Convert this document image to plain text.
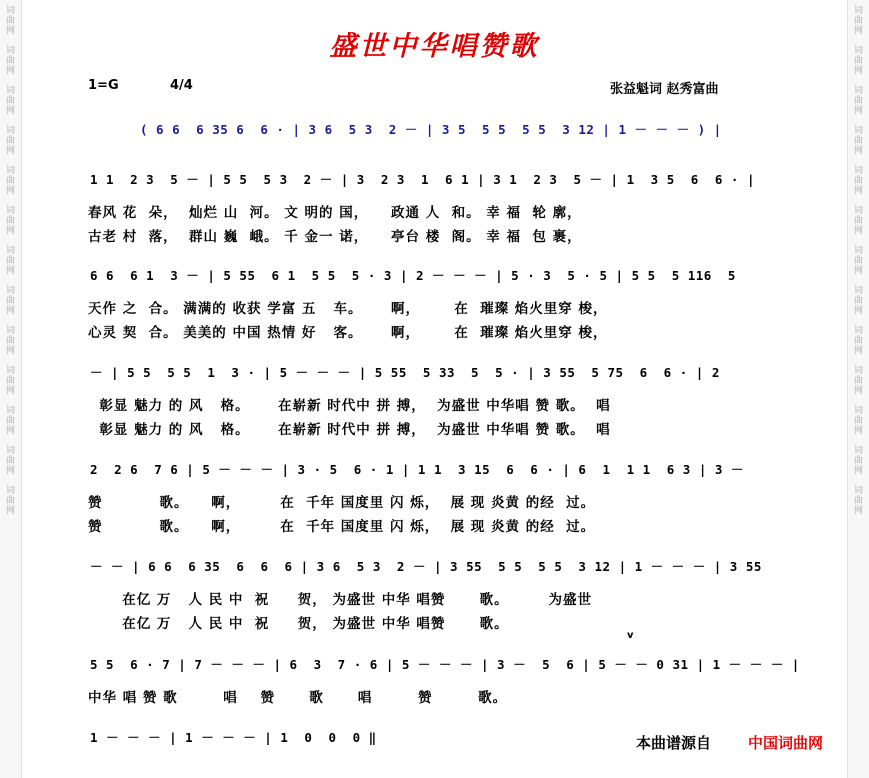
词
曲
网
词
曲
网
词
曲
网
词
曲
网
词
曲
网
词
曲
网
词
曲
网
词
曲
网
词
曲
网
词
曲
网
词
曲
网
词
曲
网
词
曲
网
词
曲
网
词
曲
网
词
曲
网
词
曲
网
词
曲
网
词
曲
网
词
曲
网
词
曲
网
词
曲
网
词
曲
网
词
曲
网
词
曲
网
词
曲
网
盛世中华唱赞歌
1=G	4/4	张益魁词 赵秀富曲
( 6 6  6 35 6  6 · | 3 6  5 3  2 － | 3 5  5 5  5 5  3 12 | 1 － － － ) |
1 1  2 3  5 － | 5 5  5 3  2 － | 3  2 3  1  6 1 | 3 1  2 3  5 － | 1  3 5  6  6 · |
春风 花  朵，  灿烂 山  河。 文 明的 国，    政通 人  和。 幸 福  轮 廓，
古老 村  落，  群山 巍  峨。 千 金一 诺，    亭台 楼  阁。 幸 福  包 裹，
6 6  6 1  3 － | 5 55  6 1  5 5  5 · 3 | 2 － － － | 5 · 3  5 · 5 | 5 5  5 116  5
天作 之  合。 满满的 收获 学富 五   车。     啊，      在  璀璨 焰火里穿 梭，
心灵 契  合。 美美的 中国 热情 好   客。     啊，      在  璀璨 焰火里穿 梭，
－ | 5 5  5 5  1  3 · | 5 － － － | 5 55  5 33  5  5 · | 3 55  5 75  6  6 · | 2
彰显 魅力 的 风   格。     在崭新 时代中 拼 搏，  为盛世 中华唱 赞 歌。  唱
彰显 魅力 的 风   格。     在崭新 时代中 拼 搏，  为盛世 中华唱 赞 歌。  唱
2  2 6  7 6 | 5 － － － | 3 · 5  6 · 1 | 1 1  3 15  6  6 · | 6  1  1 1  6 3 | 3 －
赞          歌。    啊，       在  千年 国度里 闪 烁，  展 现 炎黄 的经  过。
赞          歌。    啊，       在  千年 国度里 闪 烁，  展 现 炎黄 的经  过。
－ － | 6 6  6 35  6  6  6 | 3 6  5 3  2 － | 3 55  5 5  5 5  3 12 | 1 － － － | 3 55
在亿 万   人 民 中  祝     贺， 为盛世 中华 唱赞      歌。       为盛世
在亿 万   人 民 中  祝     贺， 为盛世 中华 唱赞      歌。
v
5 5  6 · 7 | 7 － － － | 6  3  7 · 6 | 5 － － － | 3 －  5  6 | 5 － － 0 31 | 1 － － － |
中华 唱 赞 歌        唱    赞      歌      唱        赞        歌。
1 － － － | 1 － － － | 1  0  0  0 ‖	本曲谱源自 中国词曲网
